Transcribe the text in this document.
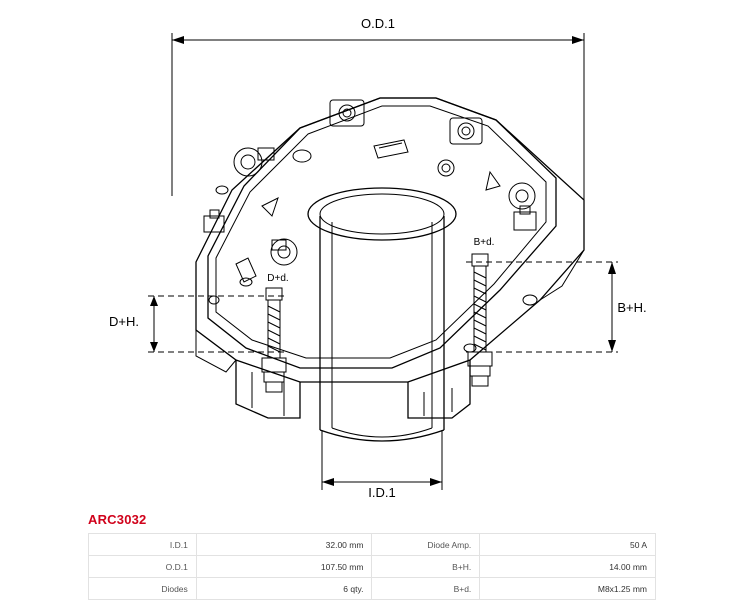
O.D.1
I.D.1
B+H.
D+H.
B+d.
D+d.
ARC3032
I.D.1	32.00 mm	Diode Amp.	50 A
O.D.1	107.50 mm	B+H.	14.00 mm
Diodes	6 qty.	B+d.	M8x1.25 mm
